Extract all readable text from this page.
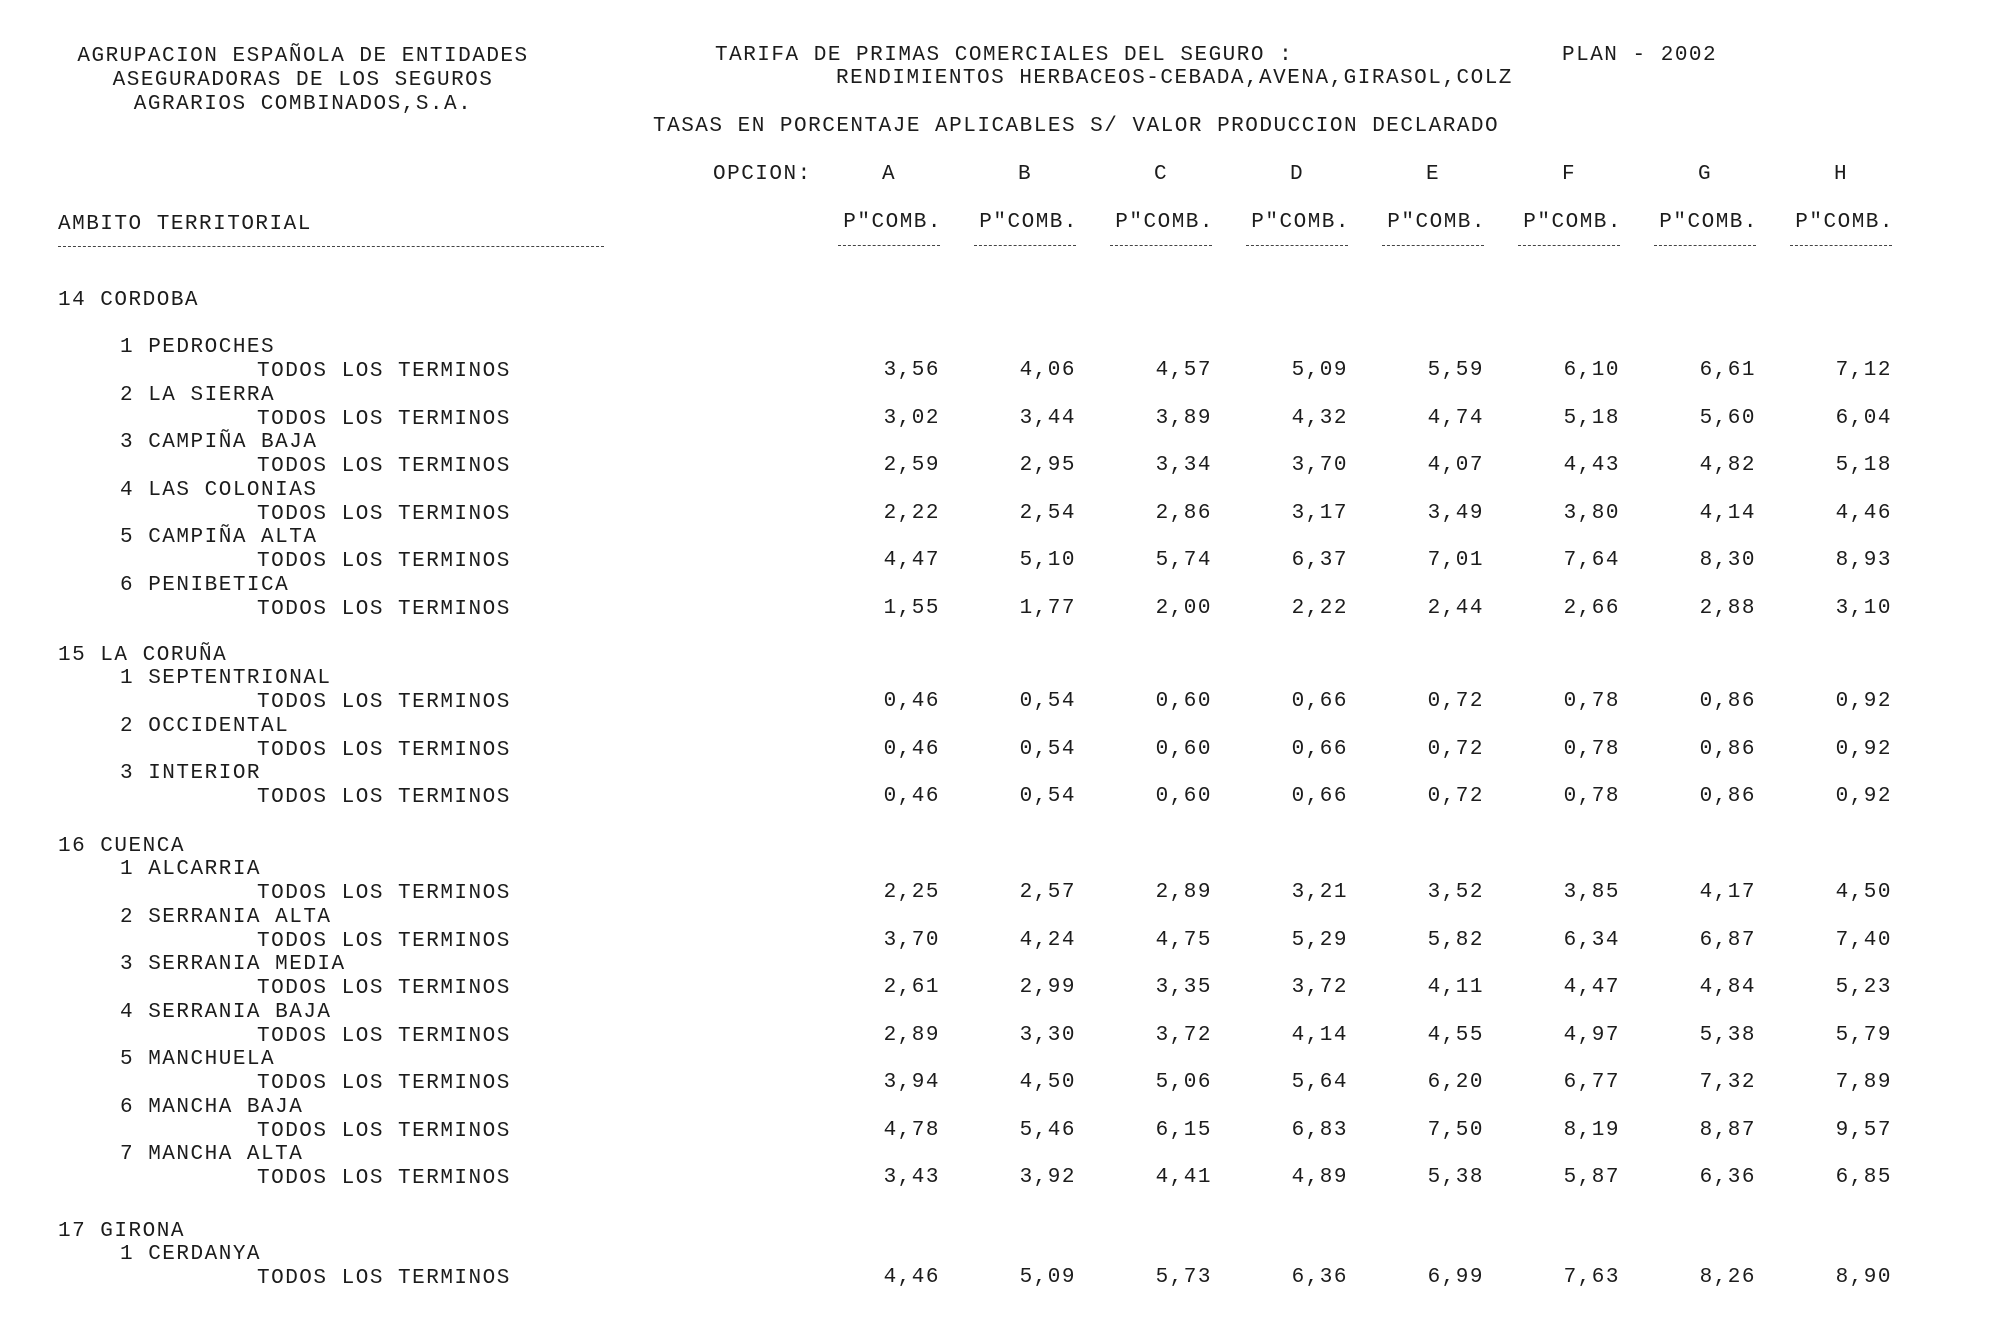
AGRUPACION ESPAÑOLA DE ENTIDADES
ASEGURADORAS DE LOS SEGUROS
AGRARIOS COMBINADOS,S.A.
TARIFA DE PRIMAS COMERCIALES DEL SEGURO :	PLAN - 2002
RENDIMIENTOS HERBACEOS-CEBADA,AVENA,GIRASOL,COLZ
TASAS EN PORCENTAJE APLICABLES S/ VALOR PRODUCCION DECLARADO
OPCION:	A	B	C	D	E	F	G	H
AMBITO TERRITORIAL	P"COMB. P"COMB. P"COMB. P"COMB. P"COMB. P"COMB. P"COMB. P"COMB.
14 CORDOBA
1 PEDROCHES
TODOS LOS TERMINOS	3,56	4,06	4,57	5,09	5,59	6,10	6,61	7,12
2 LA SIERRA
TODOS LOS TERMINOS	3,02	3,44	3,89	4,32	4,74	5,18	5,60	6,04
3 CAMPIÑA BAJA
TODOS LOS TERMINOS	2,59	2,95	3,34	3,70	4,07	4,43	4,82	5,18
4 LAS COLONIAS
TODOS LOS TERMINOS	2,22	2,54	2,86	3,17	3,49	3,80	4,14	4,46
5 CAMPIÑA ALTA
TODOS LOS TERMINOS	4,47	5,10	5,74	6,37	7,01	7,64	8,30	8,93
6 PENIBETICA
TODOS LOS TERMINOS	1,55	1,77	2,00	2,22	2,44	2,66	2,88	3,10
15 LA CORUÑA
1 SEPTENTRIONAL
TODOS LOS TERMINOS	0,46	0,54	0,60	0,66	0,72	0,78	0,86	0,92
2 OCCIDENTAL
TODOS LOS TERMINOS	0,46	0,54	0,60	0,66	0,72	0,78	0,86	0,92
3 INTERIOR
TODOS LOS TERMINOS	0,46	0,54	0,60	0,66	0,72	0,78	0,86	0,92
16 CUENCA
1 ALCARRIA
TODOS LOS TERMINOS	2,25	2,57	2,89	3,21	3,52	3,85	4,17	4,50
2 SERRANIA ALTA
TODOS LOS TERMINOS	3,70	4,24	4,75	5,29	5,82	6,34	6,87	7,40
3 SERRANIA MEDIA
TODOS LOS TERMINOS	2,61	2,99	3,35	3,72	4,11	4,47	4,84	5,23
4 SERRANIA BAJA
TODOS LOS TERMINOS	2,89	3,30	3,72	4,14	4,55	4,97	5,38	5,79
5 MANCHUELA
TODOS LOS TERMINOS	3,94	4,50	5,06	5,64	6,20	6,77	7,32	7,89
6 MANCHA BAJA
TODOS LOS TERMINOS	4,78	5,46	6,15	6,83	7,50	8,19	8,87	9,57
7 MANCHA ALTA
TODOS LOS TERMINOS	3,43	3,92	4,41	4,89	5,38	5,87	6,36	6,85
17 GIRONA
1 CERDANYA
TODOS LOS TERMINOS	4,46	5,09	5,73	6,36	6,99	7,63	8,26	8,90
